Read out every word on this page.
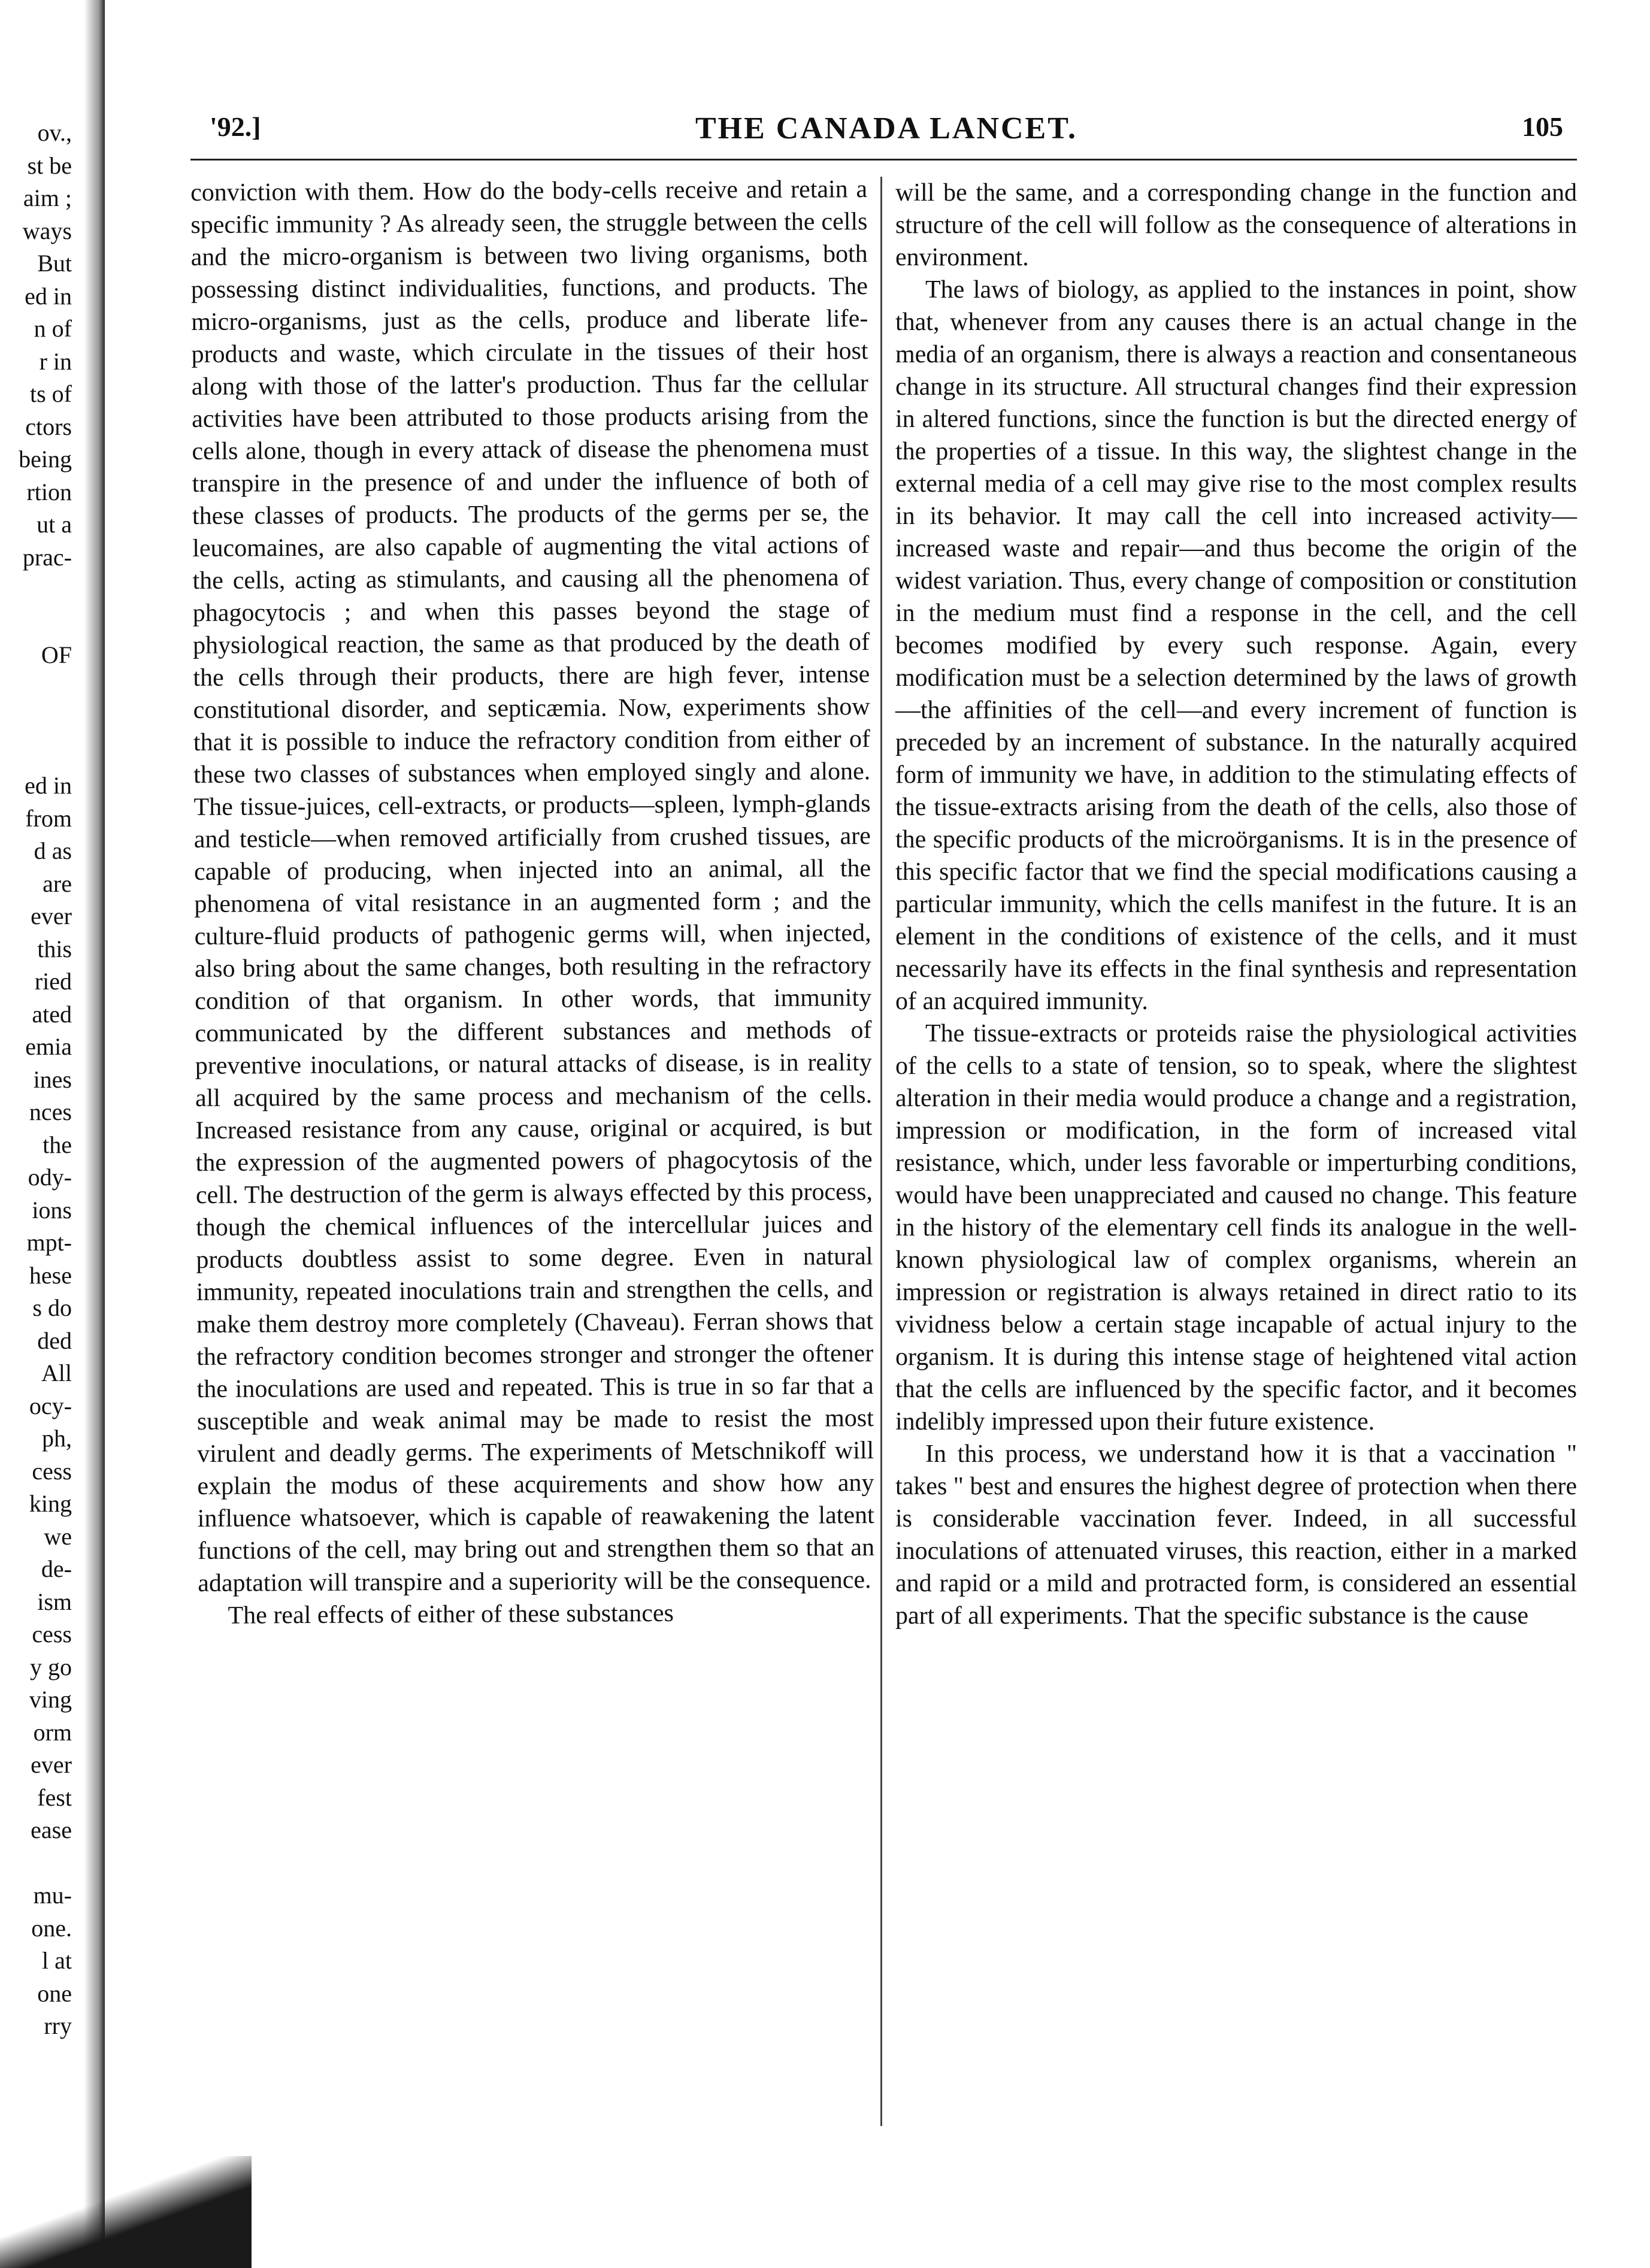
ov.,
st be
aim ;
ways
But
ed in
n of
r in
ts of
ctors
being
rtion
ut a
prac-
OF
ed in
from
d as
are
ever
this
ried
ated
emia
ines
nces
the
ody-
ions
mpt-
hese
s do
ded
All
ocy-
ph,
cess
king
we
de-
ism
cess
y go
ving
orm
ever
fest
ease
mu-
one.
l at
one
rry
'92.]	THE CANADA LANCET.	105

conviction with them. How do the body-cells receive and retain a specific immunity ? As already seen, the struggle between the cells and the micro-organism is between two living organisms, both possessing distinct individualities, functions, and products. The micro-organisms, just as the cells, produce and liberate life-products and waste, which circulate in the tissues of their host along with those of the latter's production. Thus far the cellular activities have been attributed to those products arising from the cells alone, though in every attack of disease the phenomena must transpire in the presence of and under the influence of both of these classes of products. The products of the germs per se, the leucomaines, are also capable of augmenting the vital actions of the cells, acting as stimulants, and causing all the phenomena of phagocytocis ; and when this passes beyond the stage of physiological reaction, the same as that produced by the death of the cells through their products, there are high fever, intense constitutional disorder, and septicæmia. Now, experiments show that it is possible to induce the refractory condition from either of these two classes of substances when employed singly and alone. The tissue-juices, cell-extracts, or products—spleen, lymph-glands and testicle—when removed artificially from crushed tissues, are capable of producing, when injected into an animal, all the phenomena of vital resistance in an augmented form ; and the culture-fluid products of pathogenic germs will, when injected, also bring about the same changes, both resulting in the refractory condition of that organism. In other words, that immunity communicated by the different substances and methods of preventive inoculations, or natural attacks of disease, is in reality all acquired by the same process and mechanism of the cells. Increased resistance from any cause, original or acquired, is but the expression of the augmented powers of phagocytosis of the cell. The destruction of the germ is always effected by this process, though the chemical influences of the intercellular juices and products doubtless assist to some degree. Even in natural immunity, repeated inoculations train and strengthen the cells, and make them destroy more completely (Chaveau). Ferran shows that the refractory condition becomes stronger and stronger the oftener the inoculations are used and repeated. This is true in so far that a susceptible and weak animal may be made to resist the most virulent and deadly germs. The experiments of Metschnikoff will explain the modus of these acquirements and show how any influence whatsoever, which is capable of reawakening the latent functions of the cell, may bring out and strengthen them so that an adaptation will transpire and a superiority will be the consequence.

The real effects of either of these substances

will be the same, and a corresponding change in the function and structure of the cell will follow as the consequence of alterations in environment.

The laws of biology, as applied to the instances in point, show that, whenever from any causes there is an actual change in the media of an organism, there is always a reaction and consentaneous change in its structure. All structural changes find their expression in altered functions, since the function is but the directed energy of the properties of a tissue. In this way, the slightest change in the external media of a cell may give rise to the most complex results in its behavior. It may call the cell into increased activity—increased waste and repair—and thus become the origin of the widest variation. Thus, every change of composition or constitution in the medium must find a response in the cell, and the cell becomes modified by every such response. Again, every modification must be a selection determined by the laws of growth—the affinities of the cell—and every increment of function is preceded by an increment of substance. In the naturally acquired form of immunity we have, in addition to the stimulating effects of the tissue-extracts arising from the death of the cells, also those of the specific products of the microörganisms. It is in the presence of this specific factor that we find the special modifications causing a particular immunity, which the cells manifest in the future. It is an element in the conditions of existence of the cells, and it must necessarily have its effects in the final synthesis and representation of an acquired immunity.

The tissue-extracts or proteids raise the physiological activities of the cells to a state of tension, so to speak, where the slightest alteration in their media would produce a change and a registration, impression or modification, in the form of increased vital resistance, which, under less favorable or imperturbing conditions, would have been unappreciated and caused no change. This feature in the history of the elementary cell finds its analogue in the well-known physiological law of complex organisms, wherein an impression or registration is always retained in direct ratio to its vividness below a certain stage incapable of actual injury to the organism. It is during this intense stage of heightened vital action that the cells are influenced by the specific factor, and it becomes indelibly impressed upon their future existence.

In this process, we understand how it is that a vaccination " takes " best and ensures the highest degree of protection when there is considerable vaccination fever. Indeed, in all successful inoculations of attenuated viruses, this reaction, either in a marked and rapid or a mild and protracted form, is considered an essential part of all experiments. That the specific substance is the cause
